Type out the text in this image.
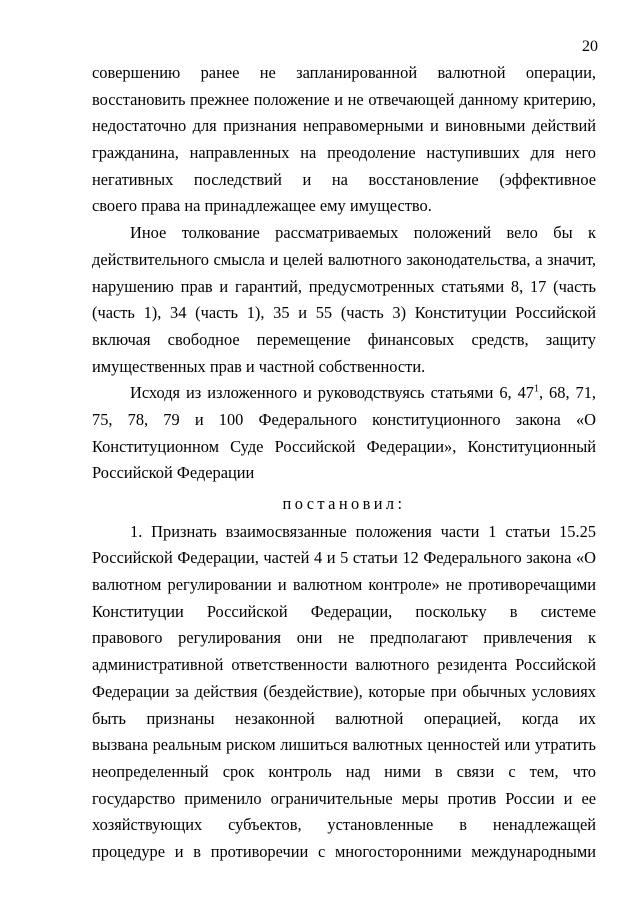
20
совершению ранее не запланированной валютной операции,
восстановить прежнее положение и не отвечающей данному критерию,
недостаточно для признания неправомерными и виновными действий
гражданина, направленных на преодоление наступивших для него
негативных последствий и на восстановление (эффективное
своего права на принадлежащее ему имущество.
Иное толкование рассматриваемых положений вело бы к
действительного смысла и целей валютного законодательства, а значит,
нарушению прав и гарантий, предусмотренных статьями 8, 17 (часть
(часть 1), 34 (часть 1), 35 и 55 (часть 3) Конституции Российской
включая свободное перемещение финансовых средств, защиту
имущественных прав и частной собственности.
Исходя из изложенного и руководствуясь статьями 6, $47^1$, 68, 71,
75, 78, 79 и 100 Федерального конституционного закона «О
Конституционном Суде Российской Федерации», Конституционный
Российской Федерации
постановил:
1. Признать взаимосвязанные положения части 1 статьи 15.25
Российской Федерации, частей 4 и 5 статьи 12 Федерального закона «О
валютном регулировании и валютном контроле» не противоречащими
Конституции Российской Федерации, поскольку в системе
правового регулирования они не предполагают привлечения к
административной ответственности валютного резидента Российской
Федерации за действия (бездействие), которые при обычных условиях
быть признаны незаконной валютной операцией, когда их
вызвана реальным риском лишиться валютных ценностей или утратить
неопределенный срок контроль над ними в связи с тем, что
государство применило ограничительные меры против России и ее
хозяйствующих субъектов, установленные в ненадлежащей
процедуре и в противоречии с многосторонними международными
